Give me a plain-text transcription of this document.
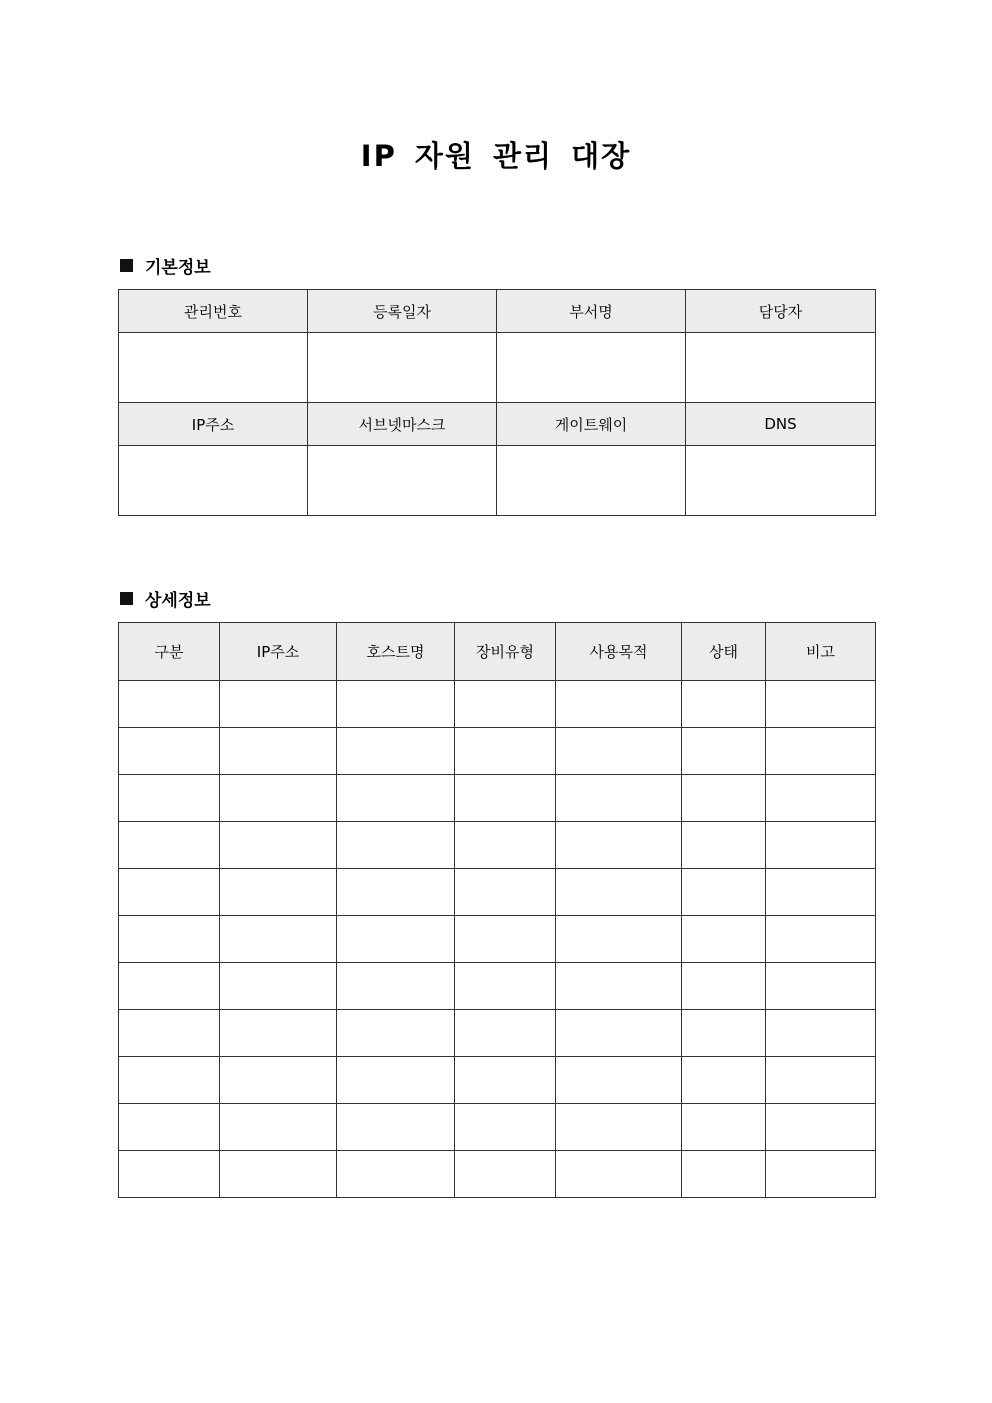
IP 자원 관리 대장
기본정보
관리번호	등록일자	부서명	담당자

IP주소	서브넷마스크	게이트웨이	DNS

상세정보
구분	IP주소	호스트명	장비유형	사용목적	상태	비고
